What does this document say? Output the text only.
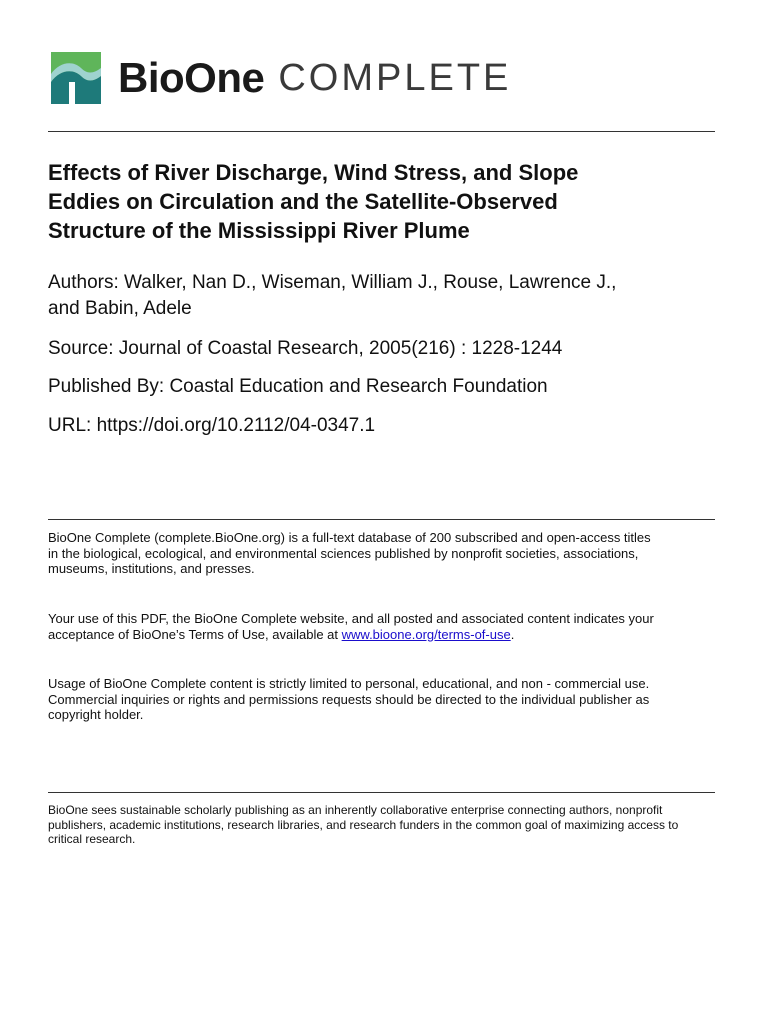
BioOne COMPLETE
Effects of River Discharge, Wind Stress, and Slope
Eddies on Circulation and the Satellite-Observed
Structure of the Mississippi River Plume

Authors: Walker, Nan D., Wiseman, William J., Rouse, Lawrence J.,
and Babin, Adele

Source: Journal of Coastal Research, 2005(216) : 1228-1244

Published By: Coastal Education and Research Foundation

URL: https://doi.org/10.2112/04-0347.1

BioOne Complete (complete.BioOne.org) is a full-text database of 200 subscribed and open-access titles
in the biological, ecological, and environmental sciences published by nonprofit societies, associations,
museums, institutions, and presses.

Your use of this PDF, the BioOne Complete website, and all posted and associated content indicates your
acceptance of BioOne’s Terms of Use, available at www.bioone.org/terms-of-use.

Usage of BioOne Complete content is strictly limited to personal, educational, and non - commercial use.
Commercial inquiries or rights and permissions requests should be directed to the individual publisher as
copyright holder.

BioOne sees sustainable scholarly publishing as an inherently collaborative enterprise connecting authors, nonprofit
publishers, academic institutions, research libraries, and research funders in the common goal of maximizing access to
critical research.
